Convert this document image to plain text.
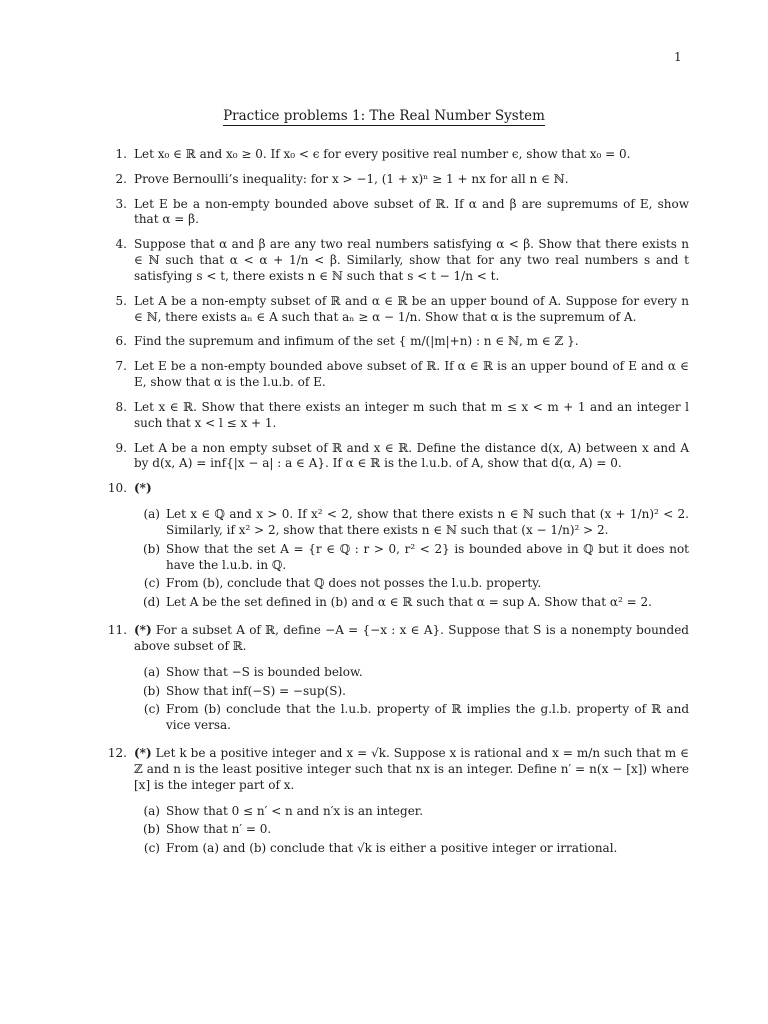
1
Practice problems 1: The Real Number System
1. Let x₀ ∈ ℝ and x₀ ≥ 0. If x₀ < ϵ for every positive real number ϵ, show that x₀ = 0.
2. Prove Bernoulli’s inequality: for x > −1, (1 + x)ⁿ ≥ 1 + nx for all n ∈ ℕ.
3. Let E be a non-empty bounded above subset of ℝ. If α and β are supremums of E, show that α = β.
4. Suppose that α and β are any two real numbers satisfying α < β. Show that there exists n ∈ ℕ such that α < α + 1/n < β. Similarly, show that for any two real numbers s and t satisfying s < t, there exists n ∈ ℕ such that s < t − 1/n < t.
5. Let A be a non-empty subset of ℝ and α ∈ ℝ be an upper bound of A. Suppose for every n ∈ ℕ, there exists aₙ ∈ A such that aₙ ≥ α − 1/n. Show that α is the supremum of A.
6. Find the supremum and infimum of the set { m/(|m|+n) : n ∈ ℕ, m ∈ ℤ }.
7. Let E be a non-empty bounded above subset of ℝ. If α ∈ ℝ is an upper bound of E and α ∈ E, show that α is the l.u.b. of E.
8. Let x ∈ ℝ. Show that there exists an integer m such that m ≤ x < m + 1 and an integer l such that x < l ≤ x + 1.
9. Let A be a non empty subset of ℝ and x ∈ ℝ. Define the distance d(x, A) between x and A by d(x, A) = inf{|x − a| : a ∈ A}. If α ∈ ℝ is the l.u.b. of A, show that d(α, A) = 0.
10. (*)
(a) Let x ∈ ℚ and x > 0. If x² < 2, show that there exists n ∈ ℕ such that (x + 1/n)² < 2. Similarly, if x² > 2, show that there exists n ∈ ℕ such that (x − 1/n)² > 2.
(b) Show that the set A = {r ∈ ℚ : r > 0, r² < 2} is bounded above in ℚ but it does not have the l.u.b. in ℚ.
(c) From (b), conclude that ℚ does not posses the l.u.b. property.
(d) Let A be the set defined in (b) and α ∈ ℝ such that α = sup A. Show that α² = 2.
11. (*) For a subset A of ℝ, define −A = {−x : x ∈ A}. Suppose that S is a nonempty bounded above subset of ℝ.
(a) Show that −S is bounded below.
(b) Show that inf(−S) = −sup(S).
(c) From (b) conclude that the l.u.b. property of ℝ implies the g.l.b. property of ℝ and vice versa.
12. (*) Let k be a positive integer and x = √k. Suppose x is rational and x = m/n such that m ∈ ℤ and n is the least positive integer such that nx is an integer. Define n′ = n(x − [x]) where [x] is the integer part of x.
(a) Show that 0 ≤ n′ < n and n′x is an integer.
(b) Show that n′ = 0.
(c) From (a) and (b) conclude that √k is either a positive integer or irrational.
